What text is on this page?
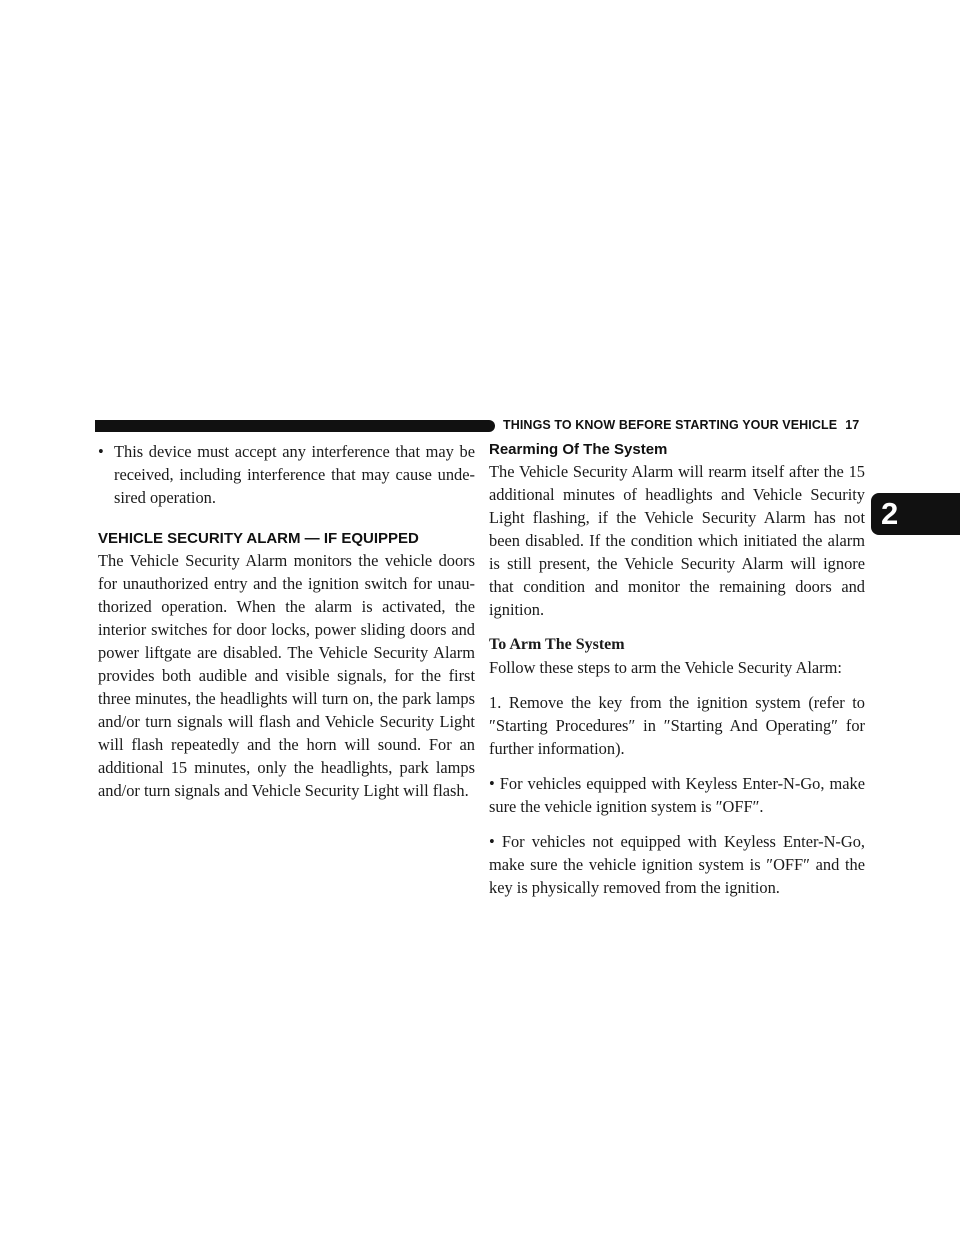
THINGS TO KNOW BEFORE STARTING YOUR VEHICLE 17
2
• This device must accept any interference that may be received, including interference that may cause unde-sired operation.

VEHICLE SECURITY ALARM — IF EQUIPPED

The Vehicle Security Alarm monitors the vehicle doors for unauthorized entry and the ignition switch for unau-thorized operation. When the alarm is activated, the interior switches for door locks, power sliding doors and power liftgate are disabled. The Vehicle Security Alarm provides both audible and visible signals, for the first three minutes, the headlights will turn on, the park lamps and/or turn signals will flash and Vehicle Security Light will flash repeatedly and the horn will sound. For an additional 15 minutes, only the headlights, park lamps and/or turn signals and Vehicle Security Light will flash.

Rearming Of The System

The Vehicle Security Alarm will rearm itself after the 15 additional minutes of headlights and Vehicle Security Light flashing, if the Vehicle Security Alarm has not been disabled. If the condition which initiated the alarm is still present, the Vehicle Security Alarm will ignore that condition and monitor the remaining doors and ignition.

To Arm The System

Follow these steps to arm the Vehicle Security Alarm:

1. Remove the key from the ignition system (refer to ″Starting Procedures″ in ″Starting And Operating″ for further information).

• For vehicles equipped with Keyless Enter-N-Go, make sure the vehicle ignition system is ″OFF″.

• For vehicles not equipped with Keyless Enter-N-Go, make sure the vehicle ignition system is ″OFF″ and the key is physically removed from the ignition.
